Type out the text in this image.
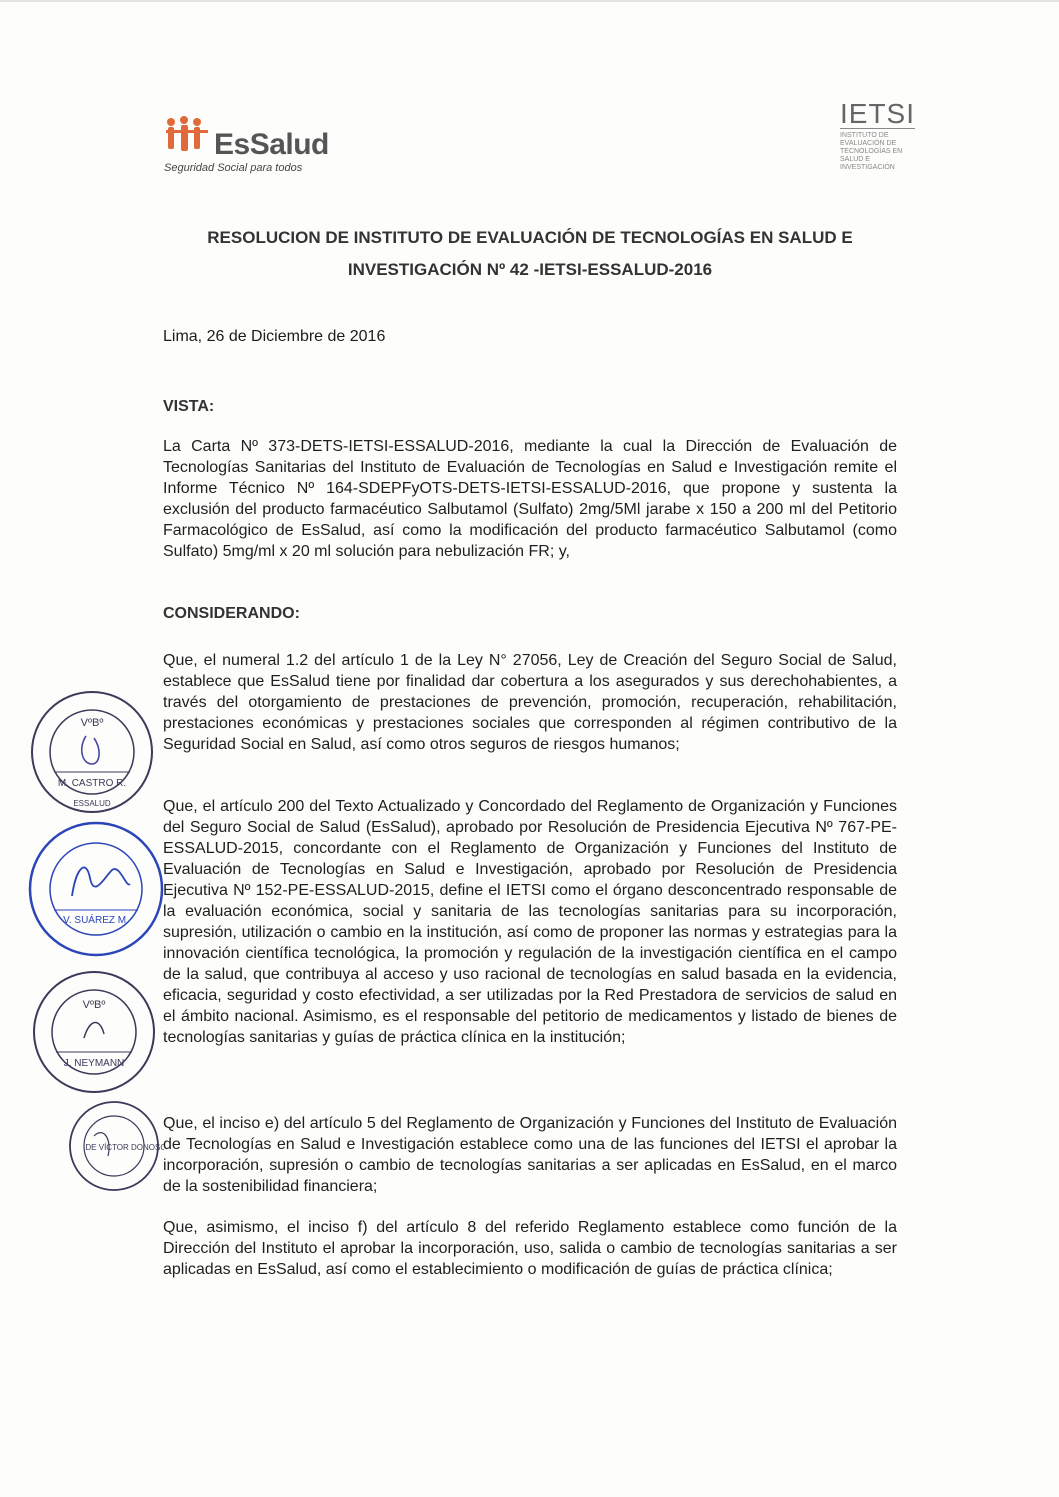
EsSalud
Seguridad Social para todos
IETSI
INSTITUTO DE EVALUACIÓN DE TECNOLOGÍAS EN SALUD E INVESTIGACIÓN
RESOLUCION DE INSTITUTO DE EVALUACIÓN DE TECNOLOGÍAS EN SALUD E
INVESTIGACIÓN Nº 42 -IETSI-ESSALUD-2016
Lima, 26 de Diciembre de 2016
VISTA:
La Carta Nº 373-DETS-IETSI-ESSALUD-2016, mediante la cual la Dirección de Evaluación de Tecnologías Sanitarias del Instituto de Evaluación de Tecnologías en Salud e Investigación remite el Informe Técnico Nº 164-SDEPFyOTS-DETS-IETSI-ESSALUD-2016, que propone y sustenta la exclusión del producto farmacéutico Salbutamol (Sulfato) 2mg/5Ml jarabe x 150 a 200 ml del Petitorio Farmacológico de EsSalud, así como la modificación del producto farmacéutico Salbutamol (como Sulfato) 5mg/ml x 20 ml solución para nebulización FR; y,
CONSIDERANDO:
Que, el numeral 1.2 del artículo 1 de la Ley N° 27056, Ley de Creación del Seguro Social de Salud, establece que EsSalud tiene por finalidad dar cobertura a los asegurados y sus derechohabientes, a través del otorgamiento de prestaciones de prevención, promoción, recuperación, rehabilitación, prestaciones económicas y prestaciones sociales que corresponden al régimen contributivo de la Seguridad Social en Salud, así como otros seguros de riesgos humanos;
Que, el artículo 200 del Texto Actualizado y Concordado del Reglamento de Organización y Funciones del Seguro Social de Salud (EsSalud), aprobado por Resolución de Presidencia Ejecutiva Nº 767-PE-ESSALUD-2015, concordante con el Reglamento de Organización y Funciones del Instituto de Evaluación de Tecnologías en Salud e Investigación, aprobado por Resolución de Presidencia Ejecutiva Nº 152-PE-ESSALUD-2015, define el IETSI como el órgano desconcentrado responsable de la evaluación económica, social y sanitaria de las tecnologías sanitarias para su incorporación, supresión, utilización o cambio en la institución, así como de proponer las normas y estrategias para la innovación científica tecnológica, la promoción y regulación de la investigación científica en el campo de la salud, que contribuya al acceso y uso racional de tecnologías en salud basada en la evidencia, eficacia, seguridad y costo efectividad, a ser utilizadas por la Red Prestadora de servicios de salud en el ámbito nacional. Asimismo, es el responsable del petitorio de medicamentos y listado de bienes de tecnologías sanitarias y guías de práctica clínica en la institución;
Que, el inciso e) del artículo 5 del Reglamento de Organización y Funciones del Instituto de Evaluación de Tecnologías en Salud e Investigación establece como una de las funciones del IETSI el aprobar la incorporación, supresión o cambio de tecnologías sanitarias a ser aplicadas en EsSalud, en el marco de la sostenibilidad financiera;
Que, asimismo, el inciso f) del artículo 8 del referido Reglamento establece como función de la Dirección del Instituto el aprobar la incorporación, uso, salida o cambio de tecnologías sanitarias a ser aplicadas en EsSalud, así como el establecimiento o modificación de guías de práctica clínica;
VºBº
M. CASTRO R.
ESSALUD
V. SUÁREZ M.
VºBº
J. NEYMANN
DE VÍCTOR DONOSO
